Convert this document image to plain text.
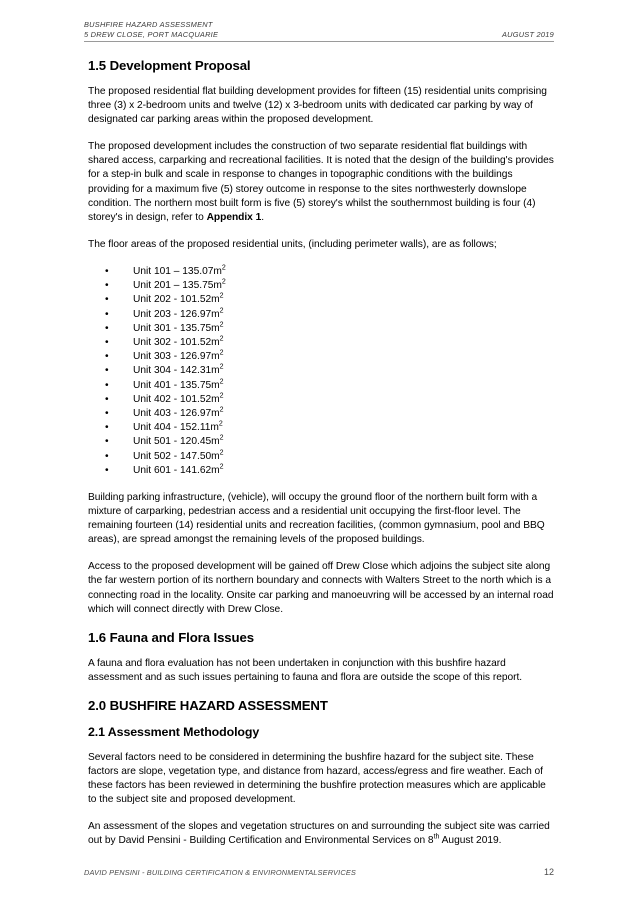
BUSHFIRE HAZARD ASSESSMENT
5 DREW CLOSE, PORT MACQUARIE	AUGUST 2019
1.5 Development Proposal

The proposed residential flat building development provides for fifteen (15) residential units comprising three (3) x 2-bedroom units and twelve (12) x 3-bedroom units with dedicated car parking by way of designated car parking areas within the proposed development.

The proposed development includes the construction of two separate residential flat buildings with shared access, carparking and recreational facilities. It is noted that the design of the building's provides for a step-in bulk and scale in response to changes in topographic conditions with the buildings providing for a maximum five (5) storey outcome in response to the sites northwesterly downslope condition. The northern most built form is five (5) storey's whilst the southernmost building is four (4) storey's in design, refer to Appendix 1.

The floor areas of the proposed residential units, (including perimeter walls), are as follows;

• Unit $101 - 135.07m^2$
• Unit $201 - 135.75m^2$
• Unit $202 - 101.52m^2$
• Unit $203 - 126.97m^2$
• Unit $301 - 135.75m^2$
• Unit $302 - 101.52m^2$
• Unit $303 - 126.97m^2$
• Unit $304 - 142.31m^2$
• Unit $401 - 135.75m^2$
• Unit $402 - 101.52m^2$
• Unit $403 - 126.97m^2$
• Unit $404 - 152.11m^2$
• Unit $501 - 120.45m^2$
• Unit $502 - 147.50m^2$
• Unit $601 - 141.62m^2$

Building parking infrastructure, (vehicle), will occupy the ground floor of the northern built form with a mixture of carparking, pedestrian access and a residential unit occupying the first-floor level. The remaining fourteen (14) residential units and recreation facilities, (common gymnasium, pool and BBQ areas), are spread amongst the remaining levels of the proposed buildings.

Access to the proposed development will be gained off Drew Close which adjoins the subject site along the far western portion of its northern boundary and connects with Walters Street to the north which is a connecting road in the locality. Onsite car parking and manoeuvring will be accessed by an internal road which will connect directly with Drew Close.

1.6 Fauna and Flora Issues

A fauna and flora evaluation has not been undertaken in conjunction with this bushfire hazard assessment and as such issues pertaining to fauna and flora are outside the scope of this report.

2.0 BUSHFIRE HAZARD ASSESSMENT
2.1 Assessment Methodology

Several factors need to be considered in determining the bushfire hazard for the subject site. These factors are slope, vegetation type, and distance from hazard, access/egress and fire weather. Each of these factors has been reviewed in determining the bushfire protection measures which are applicable to the subject site and proposed development.

An assessment of the slopes and vegetation structures on and surrounding the subject site was carried out by David Pensini - Building Certification and Environmental Services on 8th August 2019.

DAVID PENSINI - BUILDING CERTIFICATION & ENVIRONMENTALSERVICES	12
